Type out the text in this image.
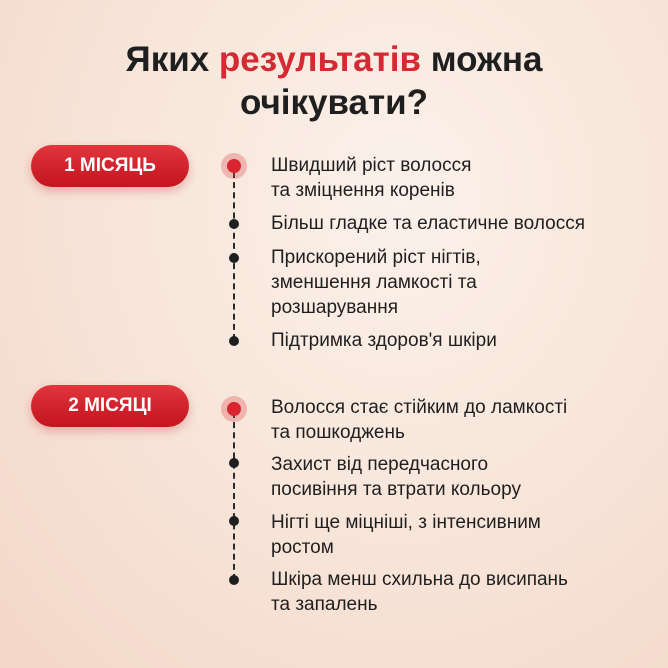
Яких результатів можна
очікувати?
1 МІСЯЦЬ	Швидший ріст волосся
та зміцнення коренів
Більш гладке та еластичне волосся
Прискорений ріст нігтів,
зменшення ламкості та
розшарування
Підтримка здоров'я шкіри
2 МІСЯЦІ	Волосся стає стійким до ламкості
та пошкоджень
Захист від передчасного
посивіння та втрати кольору
Нігті ще міцніші, з інтенсивним
ростом
Шкіра менш схильна до висипань
та запалень
